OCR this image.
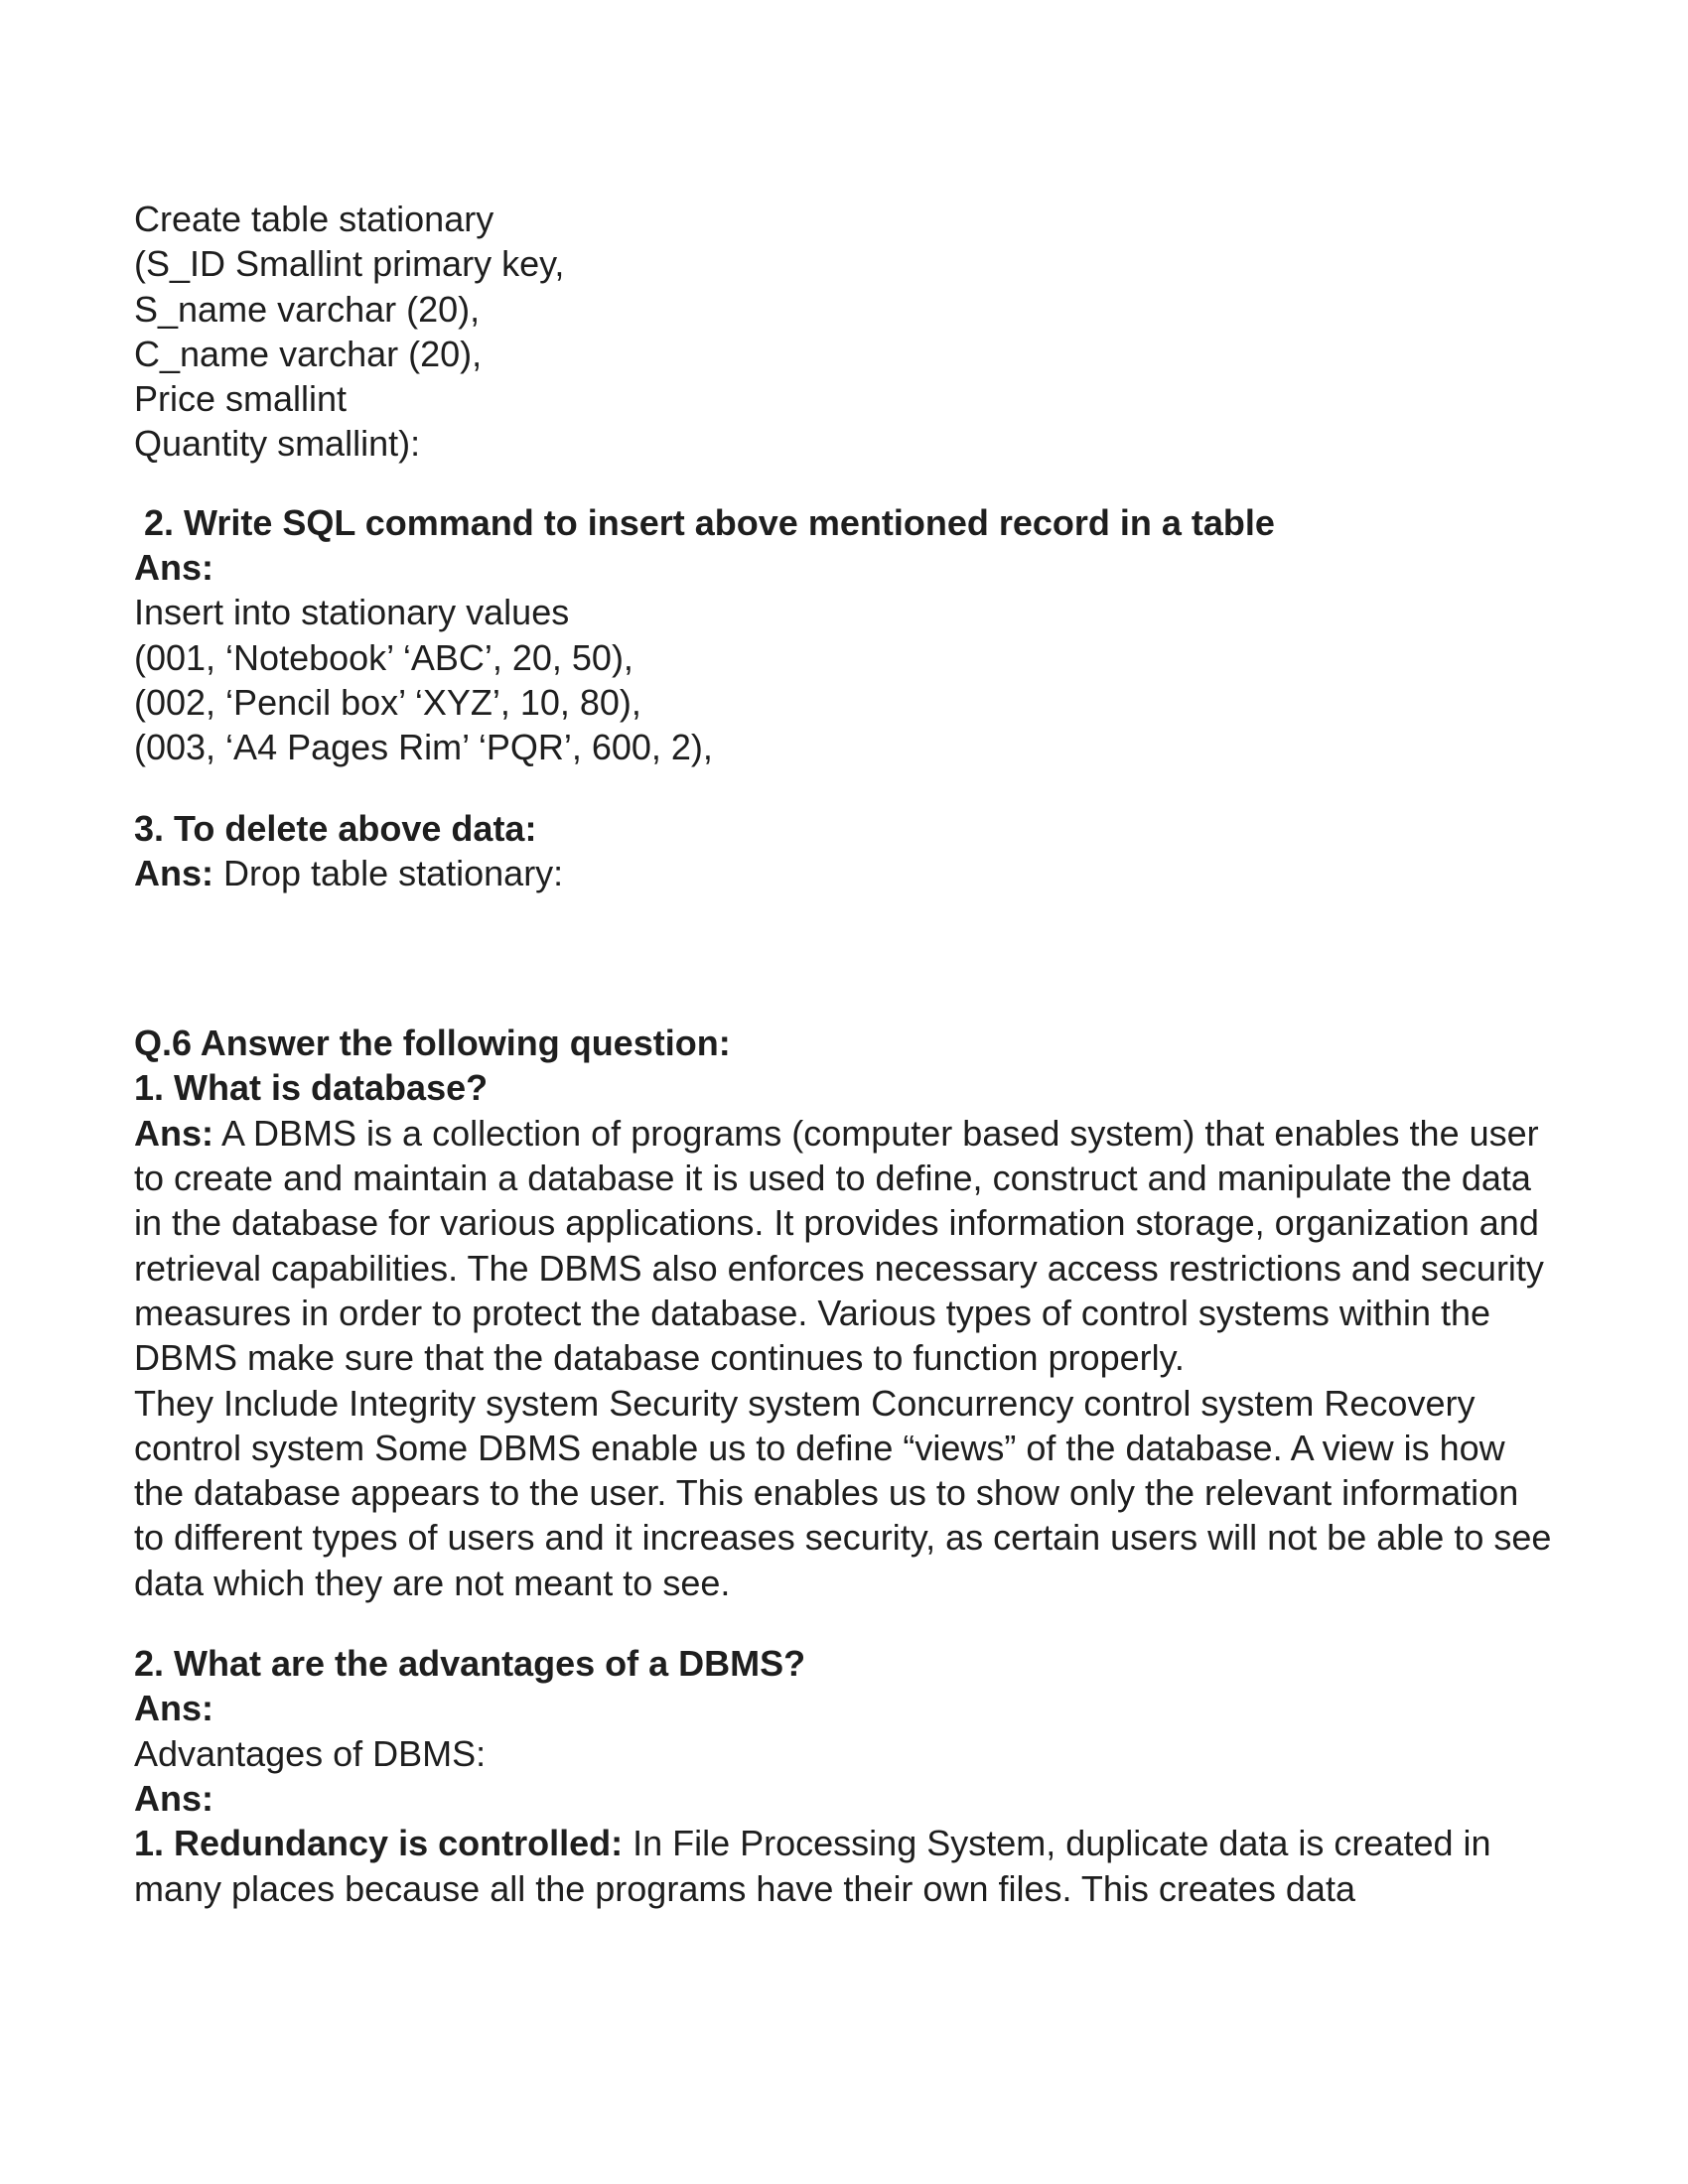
Create table stationary
(S_ID Smallint primary key,
S_name varchar (20),
C_name varchar (20),
Price smallint
Quantity smallint):
2. Write SQL command to insert above mentioned record in a table
Ans:
Insert into stationary values
(001, ‘Notebook’ ‘ABC’, 20, 50),
(002, ‘Pencil box’ ‘XYZ’, 10, 80),
(003, ‘A4 Pages Rim’ ‘PQR’, 600, 2),
3. To delete above data:
Ans: Drop table stationary:
Q.6 Answer the following question:
1. What is database?
Ans: A DBMS is a collection of programs (computer based system) that enables the user to create and maintain a database it is used to define, construct and manipulate the data in the database for various applications. It provides information storage, organization and retrieval capabilities. The DBMS also enforces necessary access restrictions and security measures in order to protect the database. Various types of control systems within the DBMS make sure that the database continues to function properly.
They Include Integrity system Security system Concurrency control system Recovery control system Some DBMS enable us to define “views” of the database. A view is how the database appears to the user. This enables us to show only the relevant information to different types of users and it increases security, as certain users will not be able to see data which they are not meant to see.
2. What are the advantages of a DBMS?
Ans:
Advantages of DBMS:
Ans:
1. Redundancy is controlled: In File Processing System, duplicate data is created in many places because all the programs have their own files. This creates data
